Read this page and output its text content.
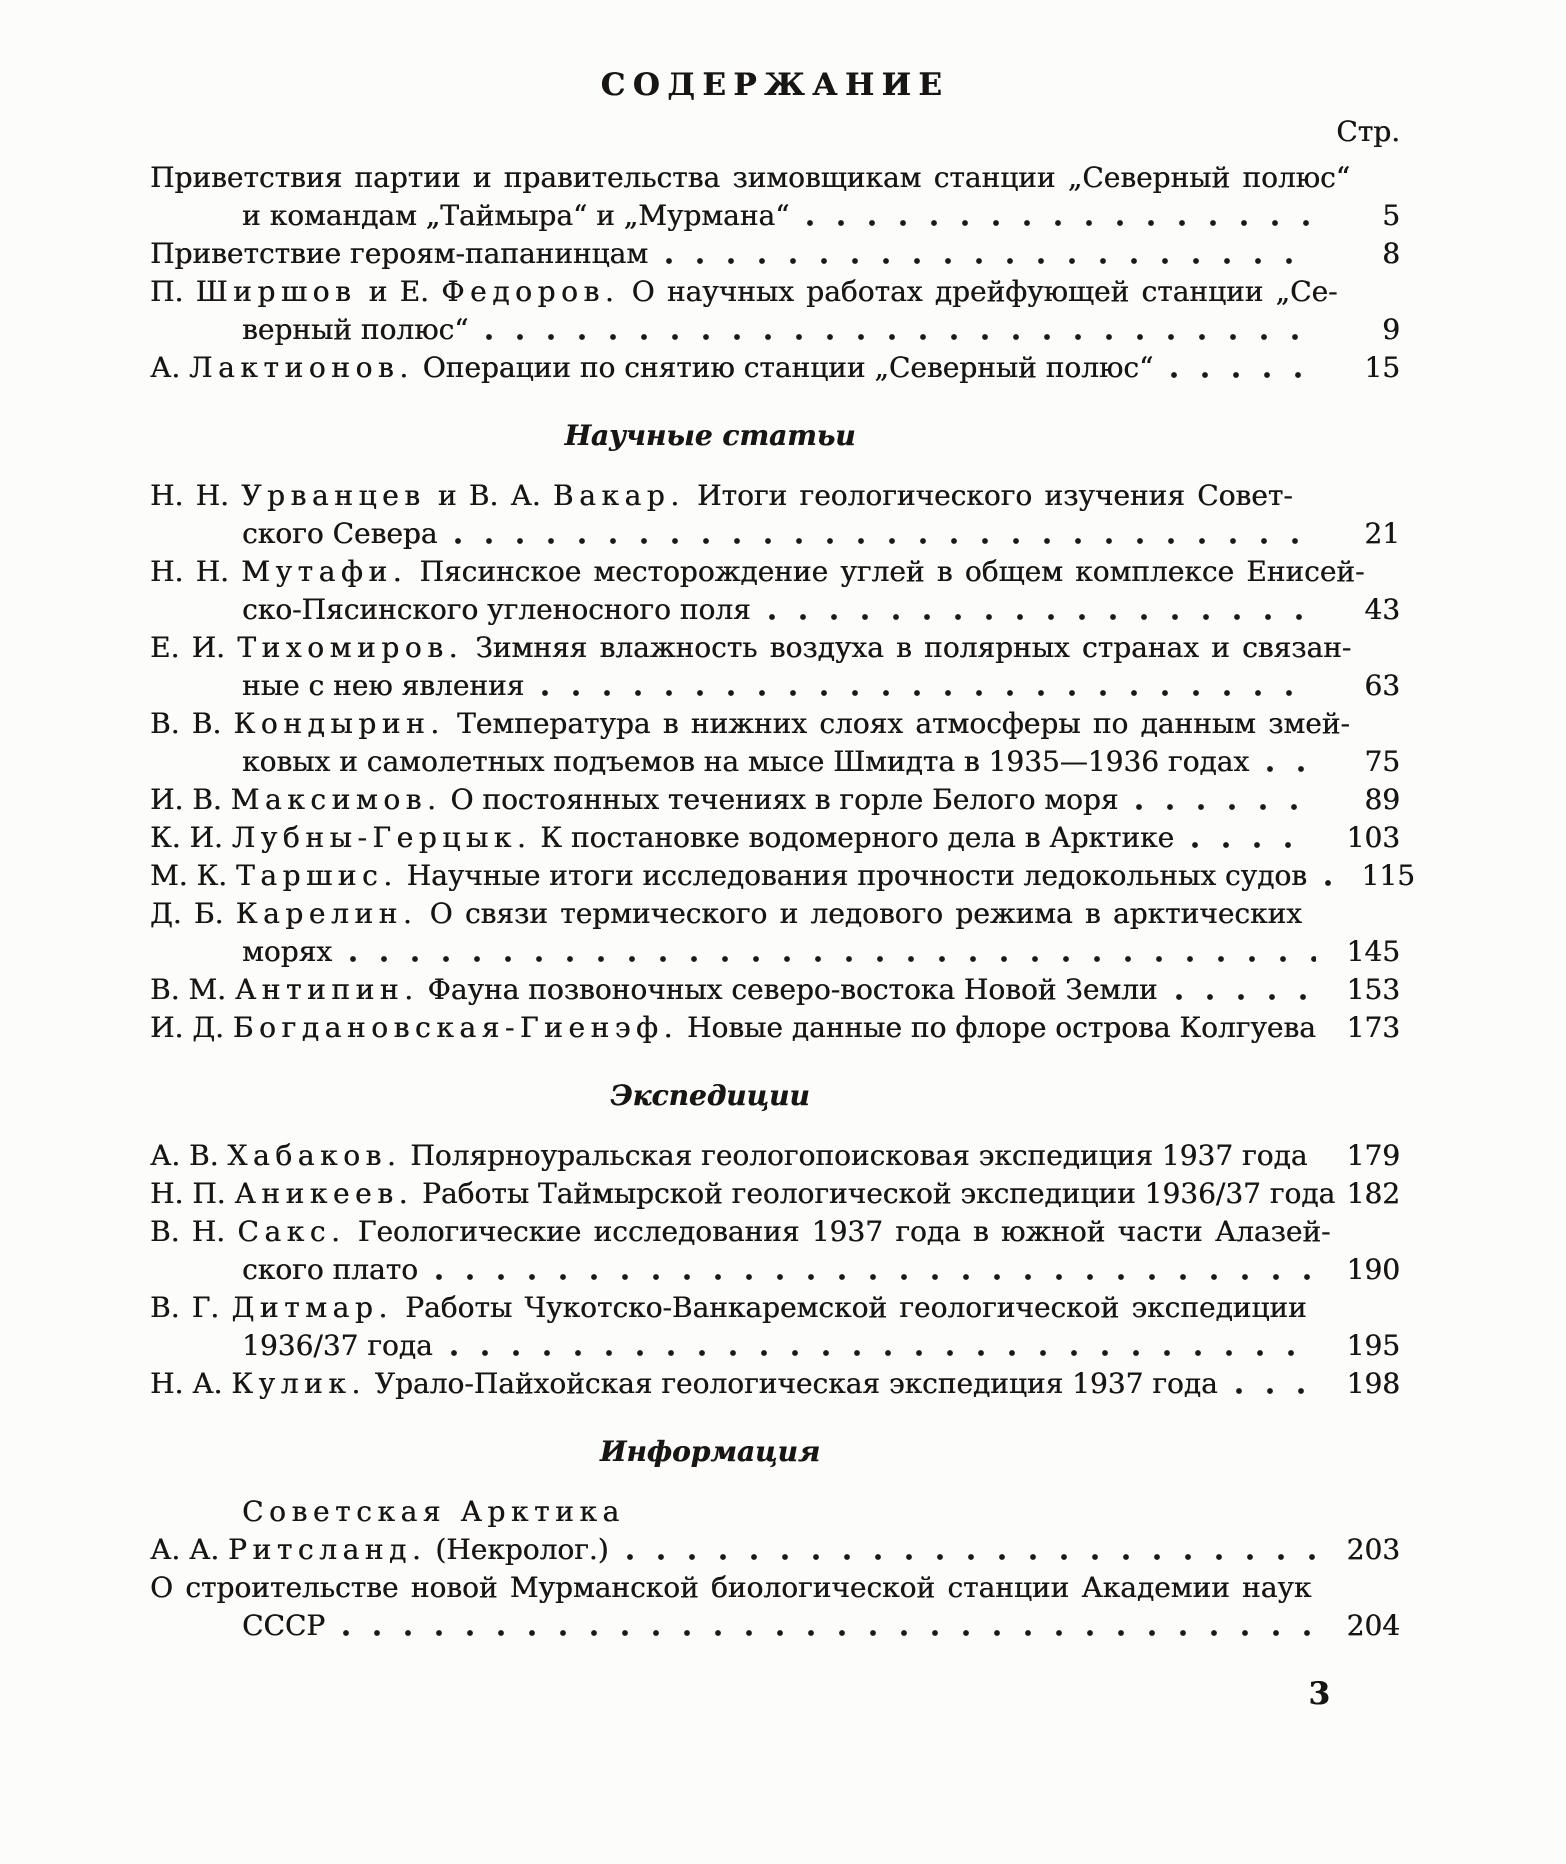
СОДЕРЖАНИЕ
Стр.
Приветствия партии и правительства зимовщикам станции „Северный полюс“
и командам „Таймыра“ и „Мурмана“	5
Приветствие героям-папанинцам	8
П. Ширшов и Е. Федоров. О научных работах дрейфующей станции „Се-
верный полюс“	9
А. Лактионов. Операции по снятию станции „Северный полюс“	15
Научные статьи
Н. Н. Урванцев и В. А. Вакар. Итоги геологического изучения Совет-
ского Севера	21
Н. Н. Мутафи. Пясинское месторождение углей в общем комплексе Енисей-
ско-Пясинского угленосного поля	43
Е. И. Тихомиров. Зимняя влажность воздуха в полярных странах и связан-
ные с нею явления	63
В. В. Кондырин. Температура в нижних слоях атмосферы по данным змей-
ковых и самолетных подъемов на мысе Шмидта в 1935—1936 годах	75
И. В. Максимов. О постоянных течениях в горле Белого моря	89
К. И. Лубны-Герцык. К постановке водомерного дела в Арктике	103
М. К. Таршис. Научные итоги исследования прочности ледокольных судов	115
Д. Б. Карелин. О связи термического и ледового режима в арктических
морях	145
В. М. Антипин. Фауна позвоночных северо-востока Новой Земли	153
И. Д. Богдановская-Гиенэф. Новые данные по флоре острова Колгуева	173
Экспедиции
А. В. Хабаков. Полярноуральская геологопоисковая экспедиция 1937 года	179
Н. П. Аникеев. Работы Таймырской геологической экспедиции 1936/37 года 182
В. Н. Сакс. Геологические исследования 1937 года в южной части Алазей-
ского плато	190
В. Г. Дитмар. Работы Чукотско-Ванкаремской геологической экспедиции
1936/37 года	195
Н. А. Кулик. Урало-Пайхойская геологическая экспедиция 1937 года	198
Информация
Советская Арктика
А. А. Ритсланд. (Некролог.)	203
О строительстве новой Мурманской биологической станции Академии наук
СССР	204
3
